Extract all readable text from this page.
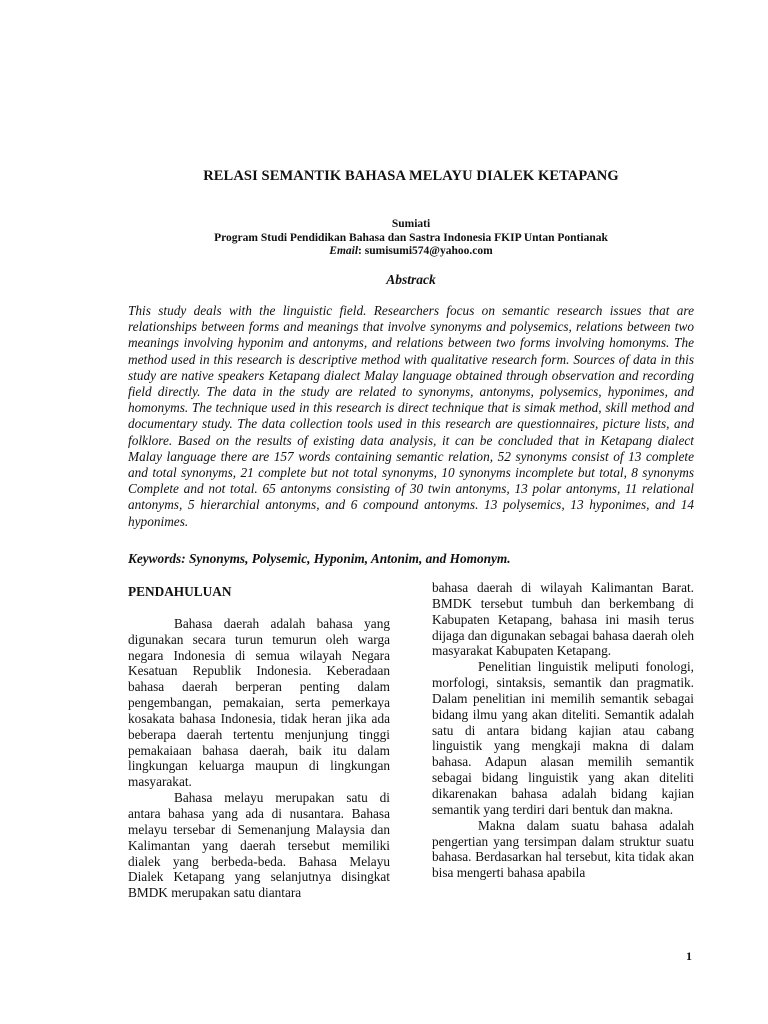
RELASI SEMANTIK BAHASA MELAYU DIALEK KETAPANG
Sumiati
Program Studi Pendidikan Bahasa dan Sastra Indonesia FKIP Untan Pontianak
Email: sumisumi574@yahoo.com
Abstrack

This study deals with the linguistic field. Researchers focus on semantic research issues that are relationships between forms and meanings that involve synonyms and polysemics, relations between two meanings involving hyponim and antonyms, and relations between two forms involving homonyms. The method used in this research is descriptive method with qualitative research form. Sources of data in this study are native speakers Ketapang dialect Malay language obtained through observation and recording field directly. The data in the study are related to synonyms, antonyms, polysemics, hyponimes, and homonyms. The technique used in this research is direct technique that is simak method, skill method and documentary study. The data collection tools used in this research are questionnaires, picture lists, and folklore. Based on the results of existing data analysis, it can be concluded that in Ketapang dialect Malay language there are 157 words containing semantic relation, 52 synonyms consist of 13 complete and total synonyms, 21 complete but not total synonyms, 10 synonyms incomplete but total, 8 synonyms Complete and not total. 65 antonyms consisting of 30 twin antonyms, 13 polar antonyms, 11 relational antonyms, 5 hierarchial antonyms, and 6 compound antonyms. 13 polysemics, 13 hyponimes, and 14 hyponimes.

Keywords: Synonyms, Polysemic, Hyponim, Antonim, and Homonym.
PENDAHULUAN

Bahasa daerah adalah bahasa yang digunakan secara turun temurun oleh warga negara Indonesia di semua wilayah Negara Kesatuan Republik Indonesia. Keberadaan bahasa daerah berperan penting dalam pengembangan, pemakaian, serta pemerkaya kosakata bahasa Indonesia, tidak heran jika ada beberapa daerah tertentu menjunjung tinggi pemakaiaan bahasa daerah, baik itu dalam lingkungan keluarga maupun di lingkungan masyarakat.

Bahasa melayu merupakan satu di antara bahasa yang ada di nusantara. Bahasa melayu tersebar di Semenanjung Malaysia dan Kalimantan yang daerah tersebut memiliki dialek yang berbeda-beda. Bahasa Melayu Dialek Ketapang yang selanjutnya disingkat BMDK merupakan satu diantara

bahasa daerah di wilayah Kalimantan Barat. BMDK tersebut tumbuh dan berkembang di Kabupaten Ketapang, bahasa ini masih terus dijaga dan digunakan sebagai bahasa daerah oleh masyarakat Kabupaten Ketapang.

Penelitian linguistik meliputi fonologi, morfologi, sintaksis, semantik dan pragmatik. Dalam penelitian ini memilih semantik sebagai bidang ilmu yang akan diteliti. Semantik adalah satu di antara bidang kajian atau cabang linguistik yang mengkaji makna di dalam bahasa. Adapun alasan memilih semantik sebagai bidang linguistik yang akan diteliti dikarenakan bahasa adalah bidang kajian semantik yang terdiri dari bentuk dan makna.

Makna dalam suatu bahasa adalah pengertian yang tersimpan dalam struktur suatu bahasa. Berdasarkan hal tersebut, kita tidak akan bisa mengerti bahasa apabila

1
